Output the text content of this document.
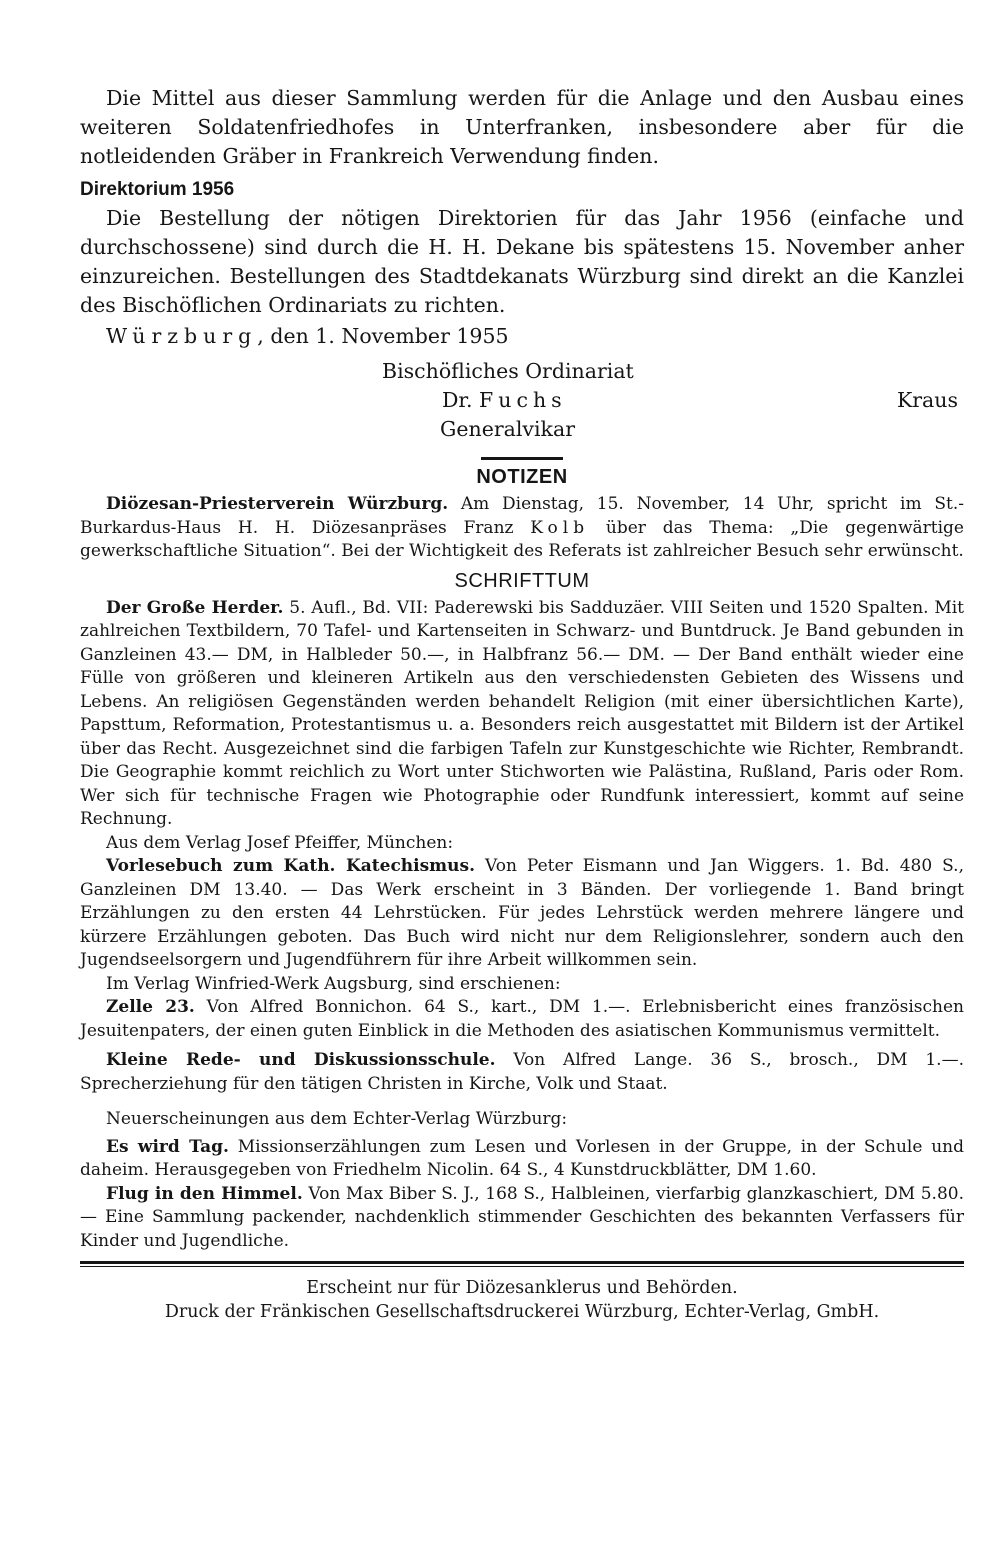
Die Mittel aus dieser Sammlung werden für die Anlage und den Ausbau eines weiteren Soldatenfriedhofes in Unterfranken, insbesondere aber für die notleidenden Gräber in Frankreich Verwendung finden.

Direktorium 1956

Die Bestellung der nötigen Direktorien für das Jahr 1956 (einfache und durchschossene) sind durch die H. H. Dekane bis spätestens 15. November anher einzureichen. Bestellungen des Stadtdekanats Würzburg sind direkt an die Kanzlei des Bischöflichen Ordinariats zu richten.

Würzburg, den 1. November 1955

Bischöfliches Ordinariat
Dr. Fuchs	Kraus
Generalvikar

NOTIZEN

Diözesan-Priesterverein Würzburg. Am Dienstag, 15. November, 14 Uhr, spricht im St.-Burkardus-Haus H. H. Diözesanpräses Franz Kolb über das Thema: „Die gegenwärtige gewerkschaftliche Situation“. Bei der Wichtigkeit des Referats ist zahlreicher Besuch sehr erwünscht.

SCHRIFTTUM

Der Große Herder. 5. Aufl., Bd. VII: Paderewski bis Sadduzäer. VIII Seiten und 1520 Spalten. Mit zahlreichen Textbildern, 70 Tafel- und Kartenseiten in Schwarz- und Buntdruck. Je Band gebunden in Ganzleinen 43.— DM, in Halbleder 50.—, in Halbfranz 56.— DM. — Der Band enthält wieder eine Fülle von größeren und kleineren Artikeln aus den verschiedensten Gebieten des Wissens und Lebens. An religiösen Gegenständen werden behandelt Religion (mit einer übersichtlichen Karte), Papsttum, Reformation, Protestantismus u. a. Besonders reich ausgestattet mit Bildern ist der Artikel über das Recht. Ausgezeichnet sind die farbigen Tafeln zur Kunstgeschichte wie Richter, Rembrandt. Die Geographie kommt reichlich zu Wort unter Stichworten wie Palästina, Rußland, Paris oder Rom. Wer sich für technische Fragen wie Photographie oder Rundfunk interessiert, kommt auf seine Rechnung.

Aus dem Verlag Josef Pfeiffer, München:

Vorlesebuch zum Kath. Katechismus. Von Peter Eismann und Jan Wiggers. 1. Bd. 480 S., Ganzleinen DM 13.40. — Das Werk erscheint in 3 Bänden. Der vorliegende 1. Band bringt Erzählungen zu den ersten 44 Lehrstücken. Für jedes Lehrstück werden mehrere längere und kürzere Erzählungen geboten. Das Buch wird nicht nur dem Religionslehrer, sondern auch den Jugendseelsorgern und Jugendführern für ihre Arbeit willkommen sein.

Im Verlag Winfried-Werk Augsburg, sind erschienen:

Zelle 23. Von Alfred Bonnichon. 64 S., kart., DM 1.—. Erlebnisbericht eines französischen Jesuitenpaters, der einen guten Einblick in die Methoden des asiatischen Kommunismus vermittelt.

Kleine Rede- und Diskussionsschule. Von Alfred Lange. 36 S., brosch., DM 1.—. Sprecherziehung für den tätigen Christen in Kirche, Volk und Staat.

Neuerscheinungen aus dem Echter-Verlag Würzburg:

Es wird Tag. Missionserzählungen zum Lesen und Vorlesen in der Gruppe, in der Schule und daheim. Herausgegeben von Friedhelm Nicolin. 64 S., 4 Kunstdruckblätter, DM 1.60.

Flug in den Himmel. Von Max Biber S. J., 168 S., Halbleinen, vierfarbig glanzkaschiert, DM 5.80. — Eine Sammlung packender, nachdenklich stimmender Geschichten des bekannten Verfassers für Kinder und Jugendliche.

Erscheint nur für Diözesanklerus und Behörden.

Druck der Fränkischen Gesellschaftsdruckerei Würzburg, Echter-Verlag, GmbH.
